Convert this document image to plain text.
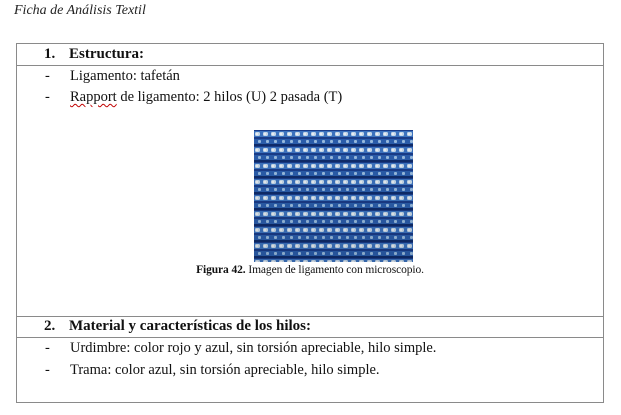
Ficha de Análisis Textil
1. Estructura:
- Ligamento: tafetán
- Rapport de ligamento: 2 hilos (U) 2 pasada (T)
Figura 42. Imagen de ligamento con microscopio.
2. Material y características de los hilos:
- Urdimbre: color rojo y azul, sin torsión apreciable, hilo simple.
- Trama: color azul, sin torsión apreciable, hilo simple.
